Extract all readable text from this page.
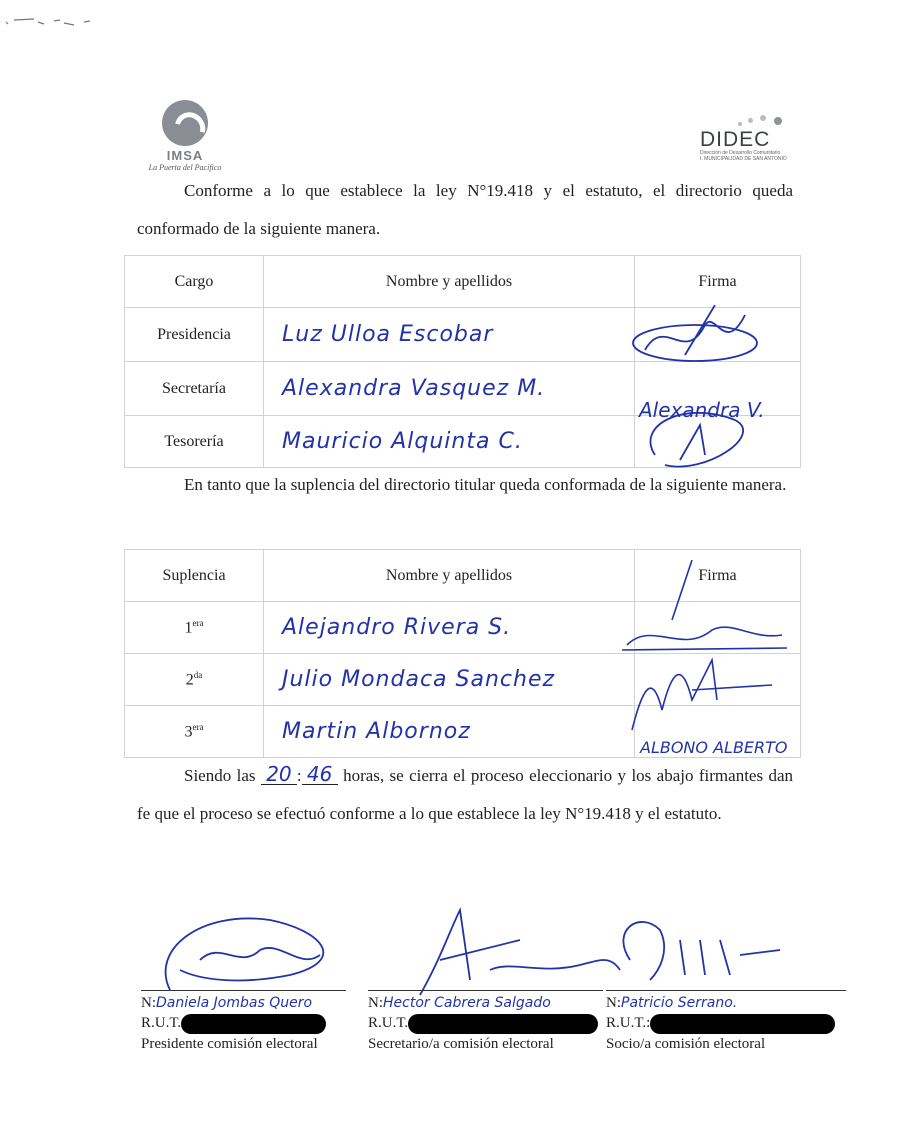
IMSA
La Puerta del Pacífico
DIDEC
Dirección de Desarrollo Comunitario
I. MUNICIPALIDAD DE SAN ANTONIO
Conforme a lo que establece la ley N°19.418 y el estatuto, el directorio queda conformado de la siguiente manera.
Cargo	Nombre y apellidos	Firma
Presidencia	Luz Ulloa Escobar	
Secretaría	Alexandra Vasquez M.	
Tesorería	Mauricio Alquinta C.	
Alexandra V.
En tanto que la suplencia del directorio titular queda conformada de la siguiente manera.
Suplencia	Nombre y apellidos	Firma
$1^{era}$	Alejandro Rivera S.	
$2^{da}$	Julio Mondaca Sanchez	
$3^{era}$	Martin Albornoz	
ALBONO ALBERTO
Siendo las 20 : 46 horas, se cierra el proceso eleccionario y los abajo firmantes dan fe que el proceso se efectuó conforme a lo que establece la ley N°19.418 y el estatuto.
N:Daniela Jombas Quero
R.U.T.
Presidente comisión electoral
N:Hector Cabrera Salgado
R.U.T.
Secretario/a comisión electoral
N:Patricio Serrano.
R.U.T.:
Socio/a comisión electoral
